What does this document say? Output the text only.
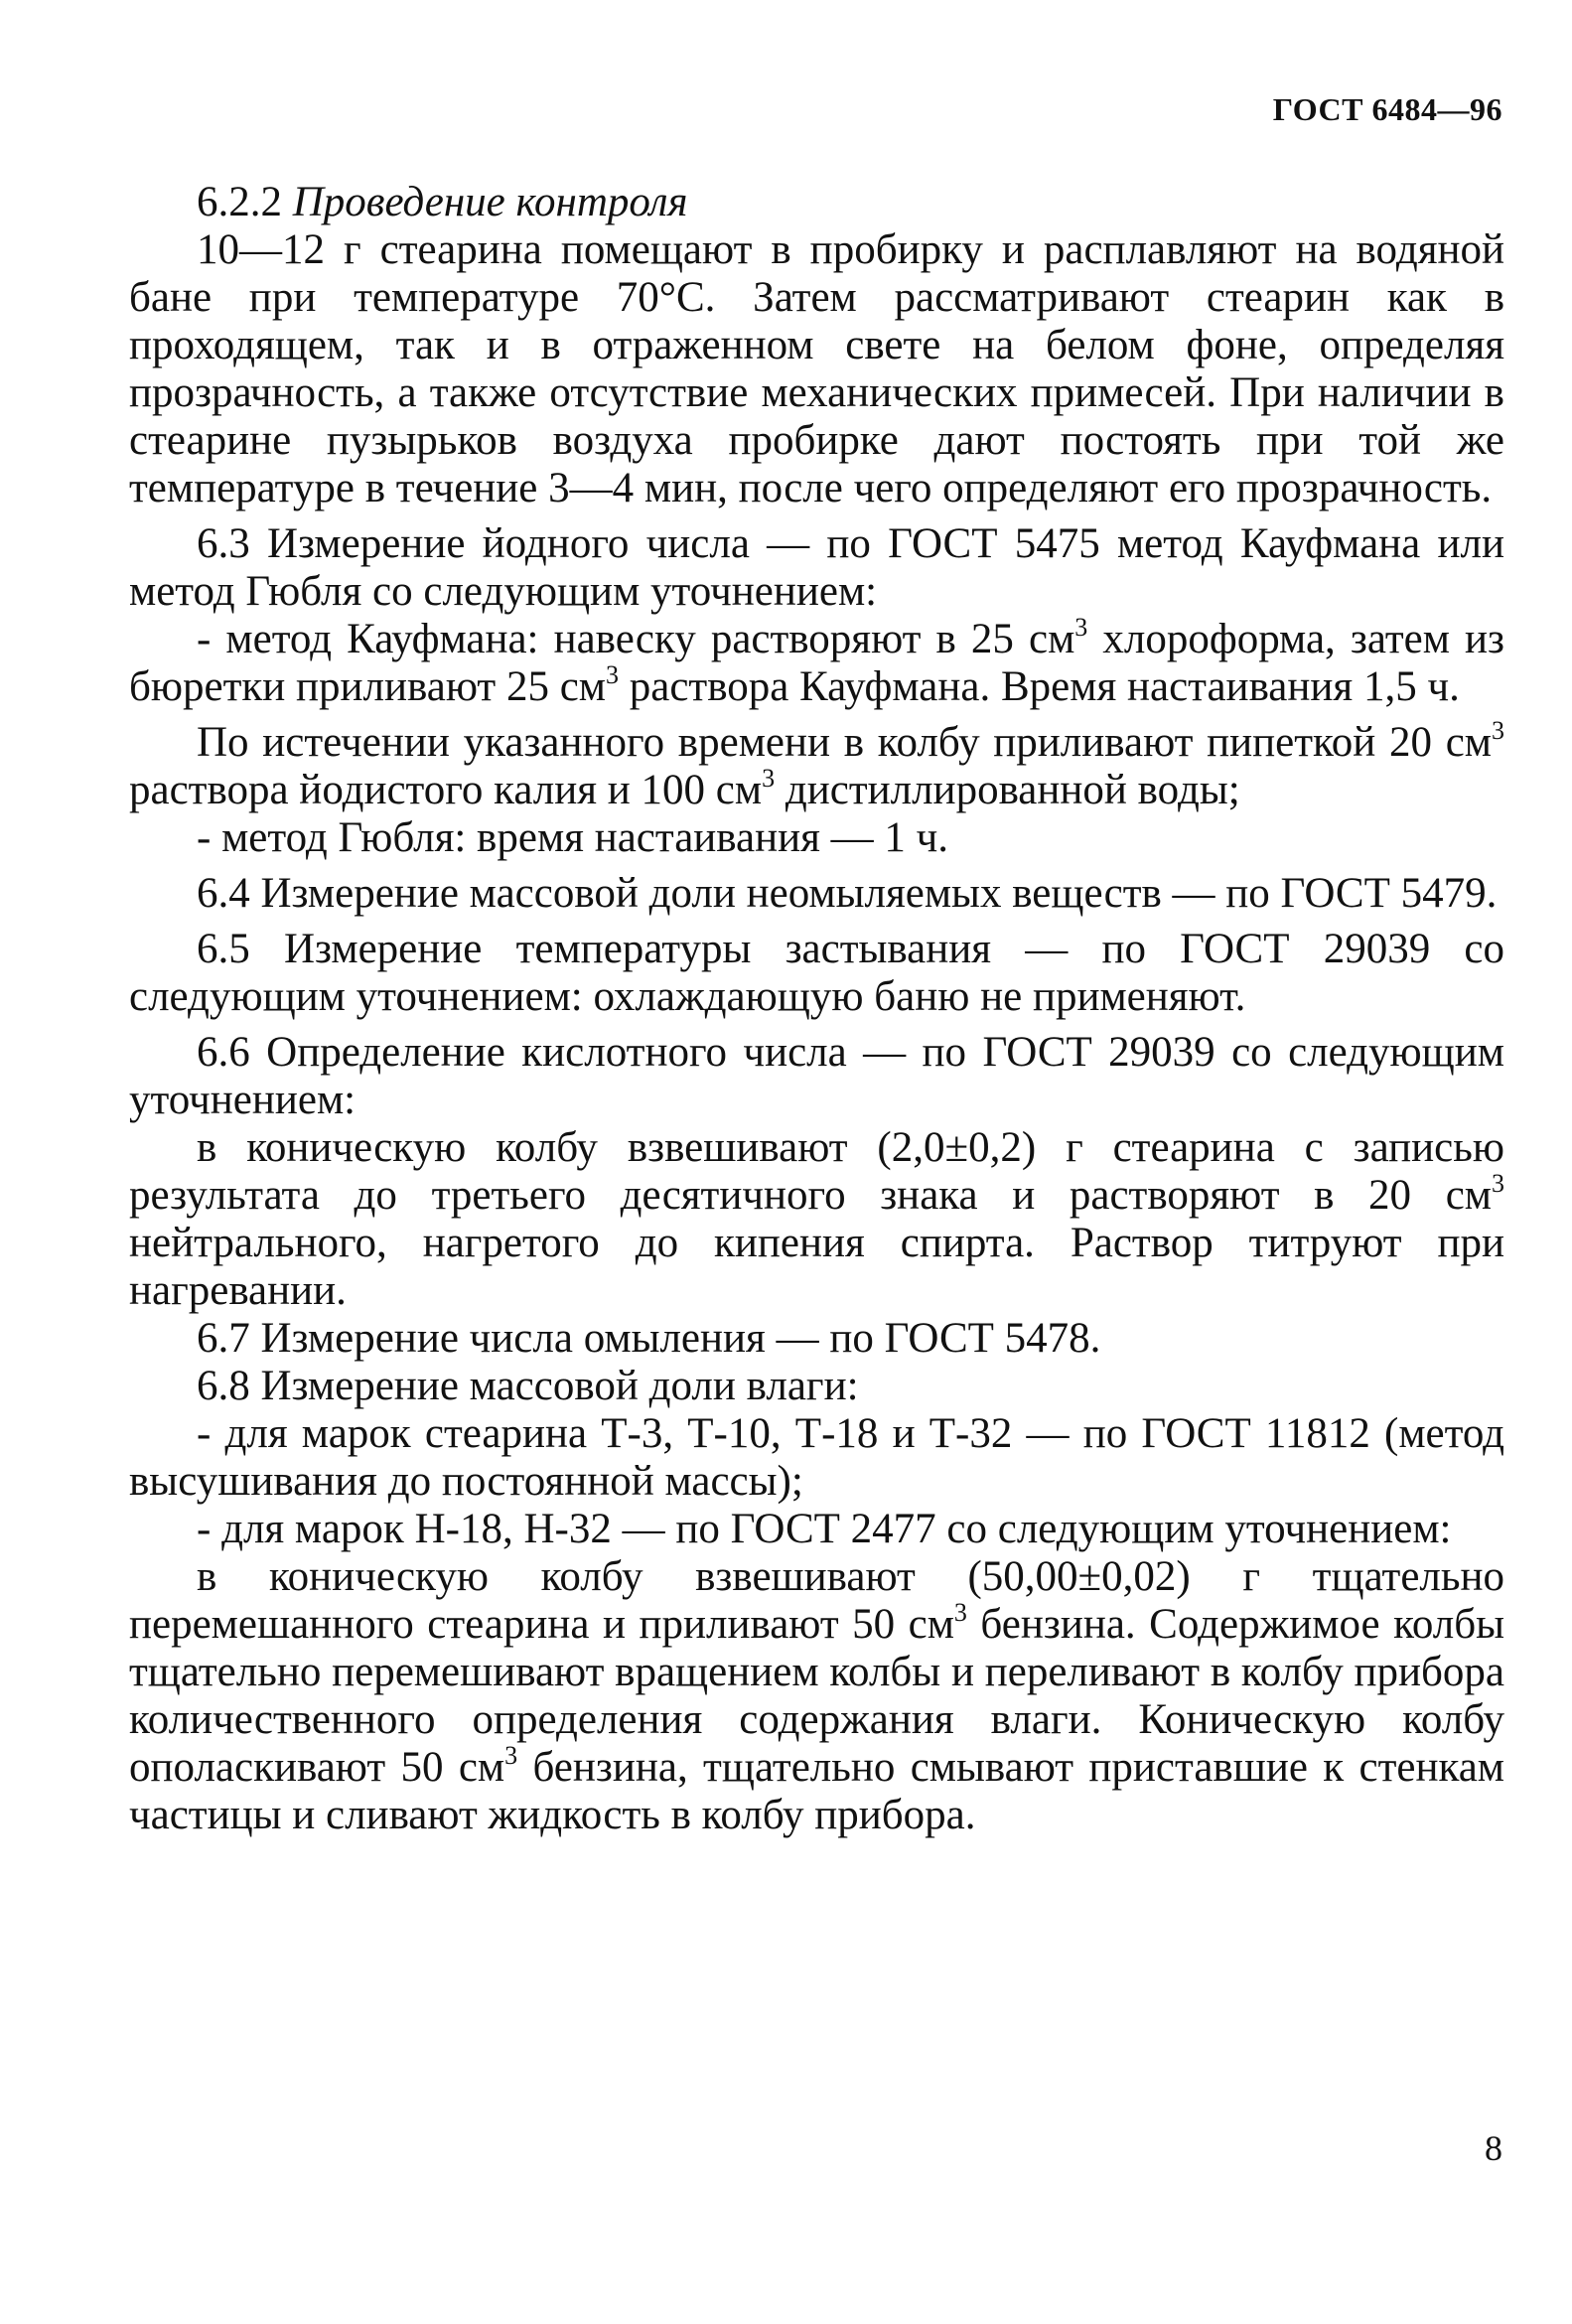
ГОСТ 6484—96

6.2.2 Проведение контроля

10—12 г стеарина помещают в пробирку и расплавляют на водяной бане при температуре 70°С. Затем рассматривают стеарин как в проходящем, так и в отраженном свете на белом фоне, определяя прозрачность, а также отсутствие механических примесей. При наличии в стеарине пузырьков воздуха пробирке дают постоять при той же температуре в течение 3—4 мин, после чего определяют его прозрачность.

6.3 Измерение йодного числа — по ГОСТ 5475 метод Кауфмана или метод Гюбля со следующим уточнением:

- метод Кауфмана: навеску растворяют в 25 $см^3$ хлороформа, затем из бюретки приливают 25 $см^3$ раствора Кауфмана. Время настаивания 1,5 ч.

По истечении указанного времени в колбу приливают пипеткой 20 $см^3$ раствора йодистого калия и 100 $см^3$ дистиллированной воды;

- метод Гюбля: время настаивания — 1 ч.

6.4 Измерение массовой доли неомыляемых веществ — по ГОСТ 5479.

6.5 Измерение температуры застывания — по ГОСТ 29039 со следующим уточнением: охлаждающую баню не применяют.

6.6 Определение кислотного числа — по ГОСТ 29039 со следующим уточнением:

в коническую колбу взвешивают (2,0±0,2) г стеарина с записью результата до третьего десятичного знака и растворяют в 20 $см^3$ нейтрального, нагретого до кипения спирта. Раствор титруют при нагревании.

6.7 Измерение числа омыления — по ГОСТ 5478.

6.8 Измерение массовой доли влаги:

- для марок стеарина Т-3, Т-10, Т-18 и Т-32 — по ГОСТ 11812 (метод высушивания до постоянной массы);

- для марок Н-18, Н-32 — по ГОСТ 2477 со следующим уточнением:

в коническую колбу взвешивают (50,00±0,02) г тщательно перемешанного стеарина и приливают 50 $см^3$ бензина. Содержимое колбы тщательно перемешивают вращением колбы и переливают в колбу прибора количественного определения содержания влаги. Коническую колбу ополаскивают 50 $см^3$ бензина, тщательно смывают приставшие к стенкам частицы и сливают жидкость в колбу прибора.

8
